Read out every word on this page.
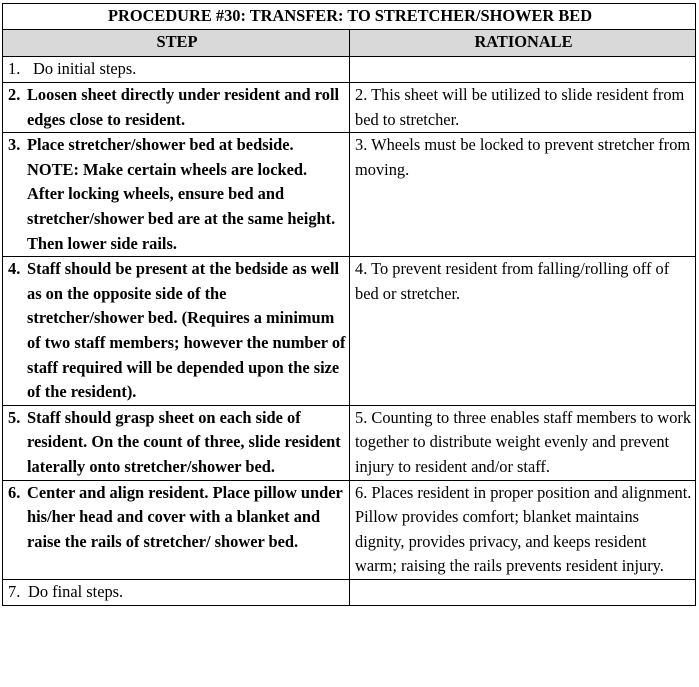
PROCEDURE #30: TRANSFER: TO STRETCHER/SHOWER BED	
STEP	RATIONALE

1. Do initial steps.	

2. Loosen sheet directly under resident and roll edges close to resident.	2. This sheet will be utilized to slide resident from bed to stretcher.

3. Place stretcher/shower bed at bedside. NOTE: Make certain wheels are locked. After locking wheels, ensure bed and stretcher/shower bed are at the same height. Then lower side rails.	3. Wheels must be locked to prevent stretcher from moving.

4. Staff should be present at the bedside as well as on the opposite side of the stretcher/shower bed. (Requires a minimum of two staff members; however the number of staff required will be depended upon the size of the resident).	4. To prevent resident from falling/rolling off of bed or stretcher.

5. Staff should grasp sheet on each side of resident. On the count of three, slide resident laterally onto stretcher/shower bed.	5. Counting to three enables staff members to work together to distribute weight evenly and prevent injury to resident and/or staff.

6. Center and align resident. Place pillow under his/her head and cover with a blanket and raise the rails of stretcher/ shower bed.	6. Places resident in proper position and alignment. Pillow provides comfort; blanket maintains dignity, provides privacy, and keeps resident warm; raising the rails prevents resident injury.

7. Do final steps.	
